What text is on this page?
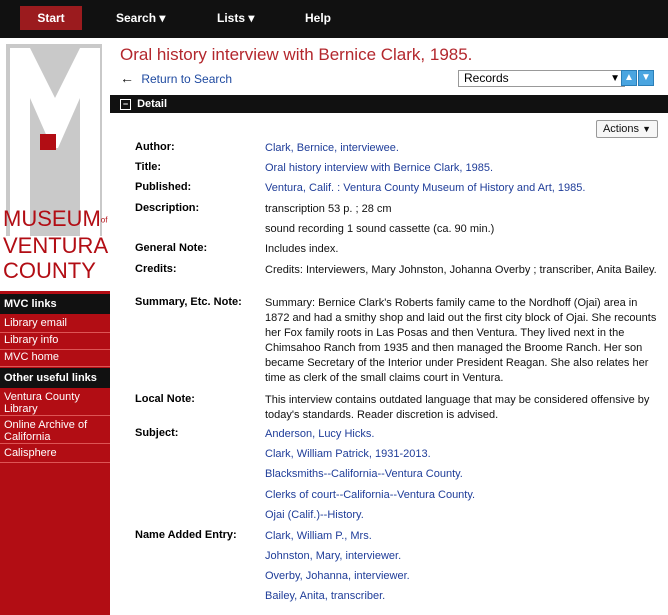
Start	Search ▾	Lists ▾	Help
MUSEUMof
VENTURA
COUNTY
MVC links
Library email
Library info
MVC home
Other useful links
Ventura County Library
Online Archive of California
Calisphere
Oral history interview with Bernice Clark, 1985.
← Return to Search	Records	▼ ▲ ▼
− Detail
Actions ▼
Author:	Clark, Bernice, interviewee.
Title:	Oral history interview with Bernice Clark, 1985.
Published:	Ventura, Calif. : Ventura County Museum of History and Art, 1985.
Description:	transcription 53 p. ; 28 cm
sound recording 1 sound cassette (ca. 90 min.)
General Note:	Includes index.
Credits:	Credits: Interviewers, Mary Johnston, Johanna Overby ; transcriber, Anita Bailey.
Summary, Etc. Note: Summary: Bernice Clark's Roberts family came to the Nordhoff (Ojai) area in 1872 and had a smithy shop and laid out the first city block of Ojai. She recounts her Fox family roots in Las Posas and then Ventura. They lived next in the Chimsahoo Ranch from 1935 and then managed the Broome Ranch. Her son became Secretary of the Interior under President Reagan. She also relates her time as clerk of the small claims court in Ventura.
Local Note:	This interview contains outdated language that may be considered offensive by today's standards. Reader discretion is advised.
Subject:	Anderson, Lucy Hicks.
Clark, William Patrick, 1931-2013.
Blacksmiths--California--Ventura County.
Clerks of court--California--Ventura County.
Ojai (Calif.)--History.
Name Added Entry:	Clark, William P., Mrs.
Johnston, Mary, interviewer.
Overby, Johanna, interviewer.
Bailey, Anita, transcriber.
